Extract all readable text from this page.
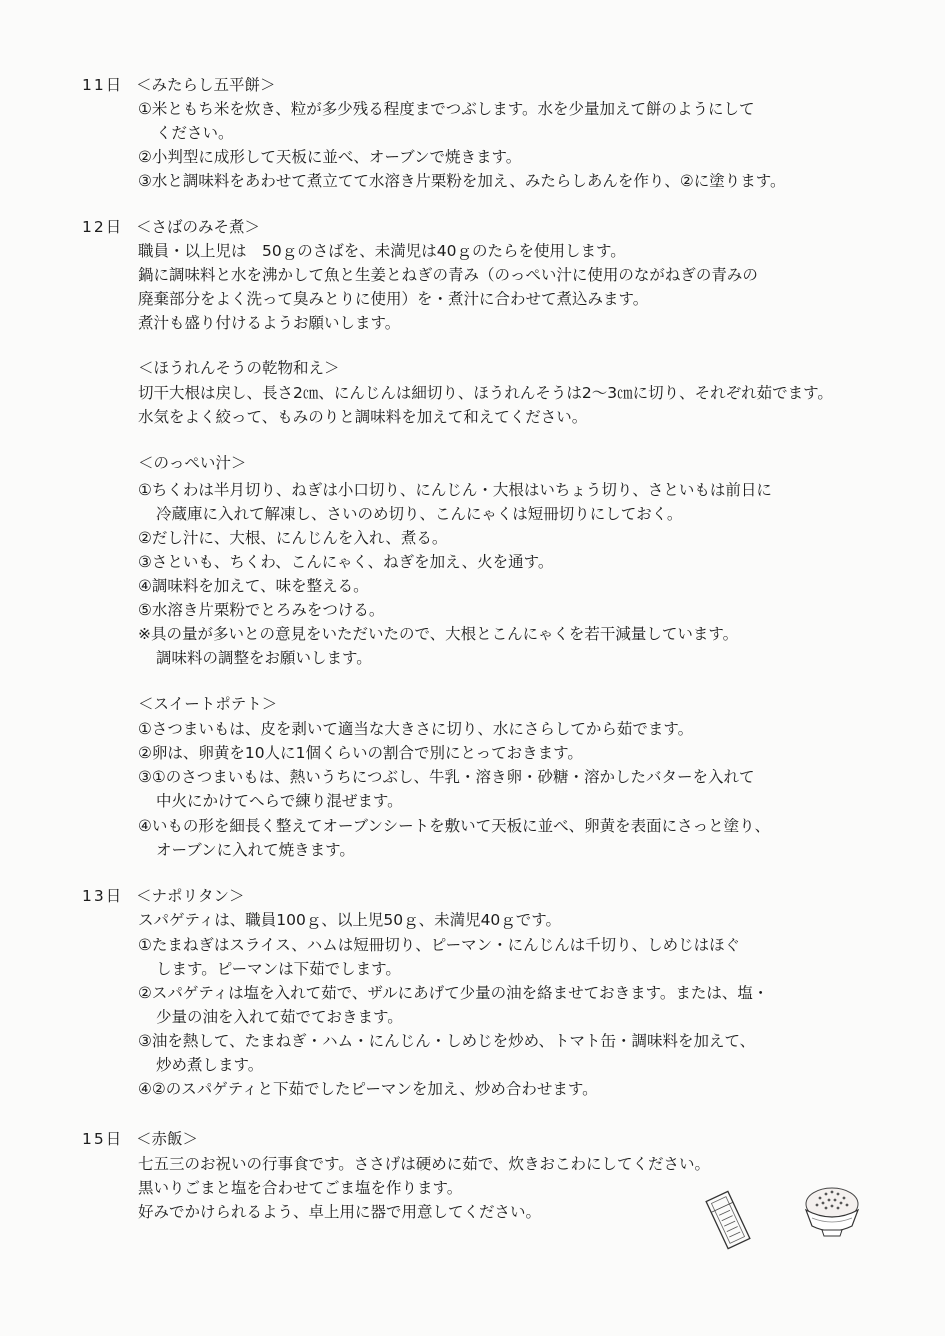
11日 ＜みたらし五平餅＞
①米ともち米を炊き、粒が多少残る程度までつぶします。水を少量加えて餅のようにして
ください。
②小判型に成形して天板に並べ、オーブンで焼きます。
③水と調味料をあわせて煮立てて水溶き片栗粉を加え、みたらしあんを作り、②に塗ります。
12日 ＜さばのみそ煮＞
職員・以上児は　50ｇのさばを、未満児は40ｇのたらを使用します。
鍋に調味料と水を沸かして魚と生姜とねぎの青み（のっぺい汁に使用のながねぎの青みの
廃棄部分をよく洗って臭みとりに使用）を・煮汁に合わせて煮込みます。
煮汁も盛り付けるようお願いします。
＜ほうれんそうの乾物和え＞
切干大根は戻し、長さ2㎝、にんじんは細切り、ほうれんそうは2～3㎝に切り、それぞれ茹でます。
水気をよく絞って、もみのりと調味料を加えて和えてください。
＜のっぺい汁＞
①ちくわは半月切り、ねぎは小口切り、にんじん・大根はいちょう切り、さといもは前日に
冷蔵庫に入れて解凍し、さいのめ切り、こんにゃくは短冊切りにしておく。
②だし汁に、大根、にんじんを入れ、煮る。
③さといも、ちくわ、こんにゃく、ねぎを加え、火を通す。
④調味料を加えて、味を整える。
⑤水溶き片栗粉でとろみをつける。
※具の量が多いとの意見をいただいたので、大根とこんにゃくを若干減量しています。
調味料の調整をお願いします。
＜スイートポテト＞
①さつまいもは、皮を剥いて適当な大きさに切り、水にさらしてから茹でます。
②卵は、卵黄を10人に1個くらいの割合で別にとっておきます。
③①のさつまいもは、熱いうちにつぶし、牛乳・溶き卵・砂糖・溶かしたバターを入れて
中火にかけてへらで練り混ぜます。
④いもの形を細長く整えてオーブンシートを敷いて天板に並べ、卵黄を表面にさっと塗り、
オーブンに入れて焼きます。
13日 ＜ナポリタン＞
スパゲティは、職員100ｇ、以上児50ｇ、未満児40ｇです。
①たまねぎはスライス、ハムは短冊切り、ピーマン・にんじんは千切り、しめじはほぐ
します。ピーマンは下茹でします。
②スパゲティは塩を入れて茹で、ザルにあげて少量の油を絡ませておきます。または、塩・
少量の油を入れて茹でておきます。
③油を熱して、たまねぎ・ハム・にんじん・しめじを炒め、トマト缶・調味料を加えて、
炒め煮します。
④②のスパゲティと下茹でしたピーマンを加え、炒め合わせます。
15日 ＜赤飯＞
七五三のお祝いの行事食です。ささげは硬めに茹で、炊きおこわにしてください。
黒いりごまと塩を合わせてごま塩を作ります。
好みでかけられるよう、卓上用に器で用意してください。
